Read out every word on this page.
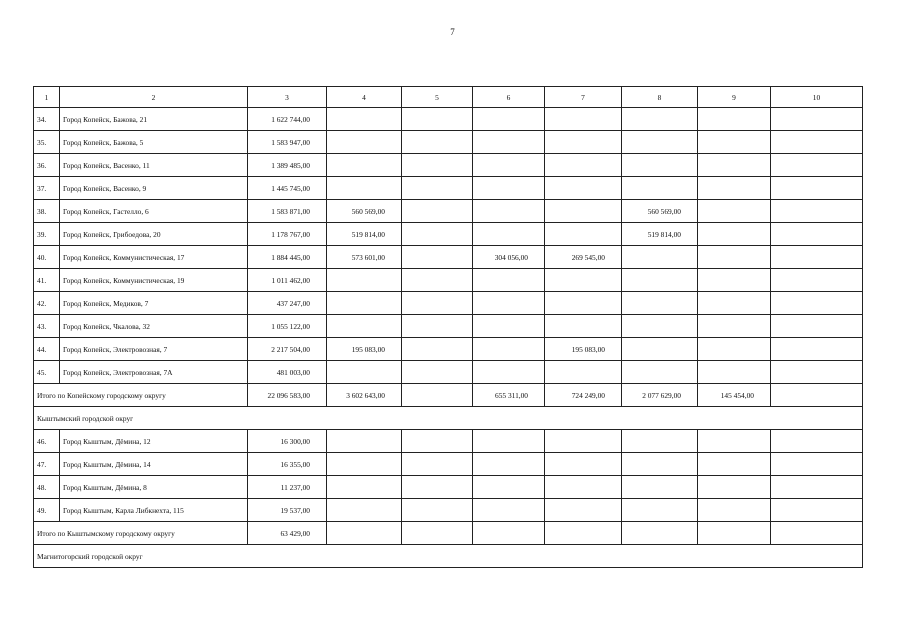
7
1	2	3	4	5	6	7	8	9	10
34.	Город Копейск, Бажова, 21	1 622 744,00							
35.	Город Копейск, Бажова, 5	1 583 947,00							
36.	Город Копейск, Васенко, 11	1 389 485,00							
37.	Город Копейск, Васенко, 9	1 445 745,00							
38.	Город Копейск, Гастелло, 6	1 583 871,00	560 569,00				560 569,00		
39.	Город Копейск, Грибоедова, 20	1 178 767,00	519 814,00				519 814,00		
40.	Город Копейск, Коммунистическая, 17	1 884 445,00	573 601,00		304 056,00	269 545,00			
41.	Город Копейск, Коммунистическая, 19	1 011 462,00							
42.	Город Копейск, Медиков, 7	437 247,00							
43.	Город Копейск, Чкалова, 32	1 055 122,00							
44.	Город Копейск, Электровозная, 7	2 217 504,00	195 083,00			195 083,00			
45.	Город Копейск, Электровозная, 7А	481 003,00							
Итого по Копейскому городскому округу		22 096 583,00	3 602 643,00		655 311,00	724 249,00	2 077 629,00	145 454,00	
Кыштымский городской округ									
46.	Город Кыштым, Дёмина, 12	16 300,00							
47.	Город Кыштым, Дёмина, 14	16 355,00							
48.	Город Кыштым, Дёмина, 8	11 237,00							
49.	Город Кыштым, Карла Либкнехта, 115	19 537,00							
Итого по Кыштымскому городскому округу		63 429,00							
Магнитогорский городской округ									
